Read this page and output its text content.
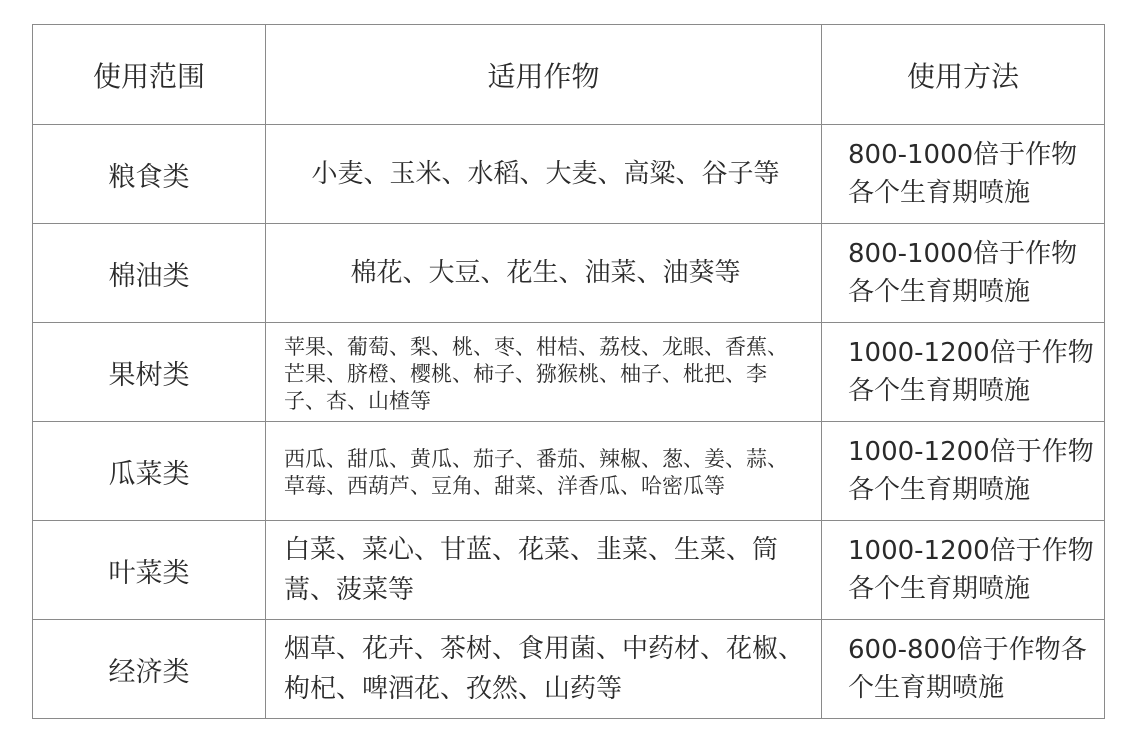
使用范围	适用作物	使用方法
粮食类	小麦、玉米、水稻、大麦、高粱、谷子等	800-1000倍于作物各个生育期喷施
棉油类	棉花、大豆、花生、油菜、油葵等	800-1000倍于作物各个生育期喷施
果树类	苹果、葡萄、梨、桃、枣、柑桔、荔枝、龙眼、香蕉、芒果、脐橙、樱桃、柿子、猕猴桃、柚子、枇把、李子、杏、山楂等	1000-1200倍于作物各个生育期喷施
瓜菜类	西瓜、甜瓜、黄瓜、茄子、番茄、辣椒、葱、姜、蒜、草莓、西葫芦、豆角、甜菜、洋香瓜、哈密瓜等	1000-1200倍于作物各个生育期喷施
叶菜类	白菜、菜心、甘蓝、花菜、韭菜、生菜、筒蒿、菠菜等	1000-1200倍于作物各个生育期喷施
经济类	烟草、花卉、茶树、食用菌、中药材、花椒、枸杞、啤酒花、孜然、山药等	600-800倍于作物各个生育期喷施
